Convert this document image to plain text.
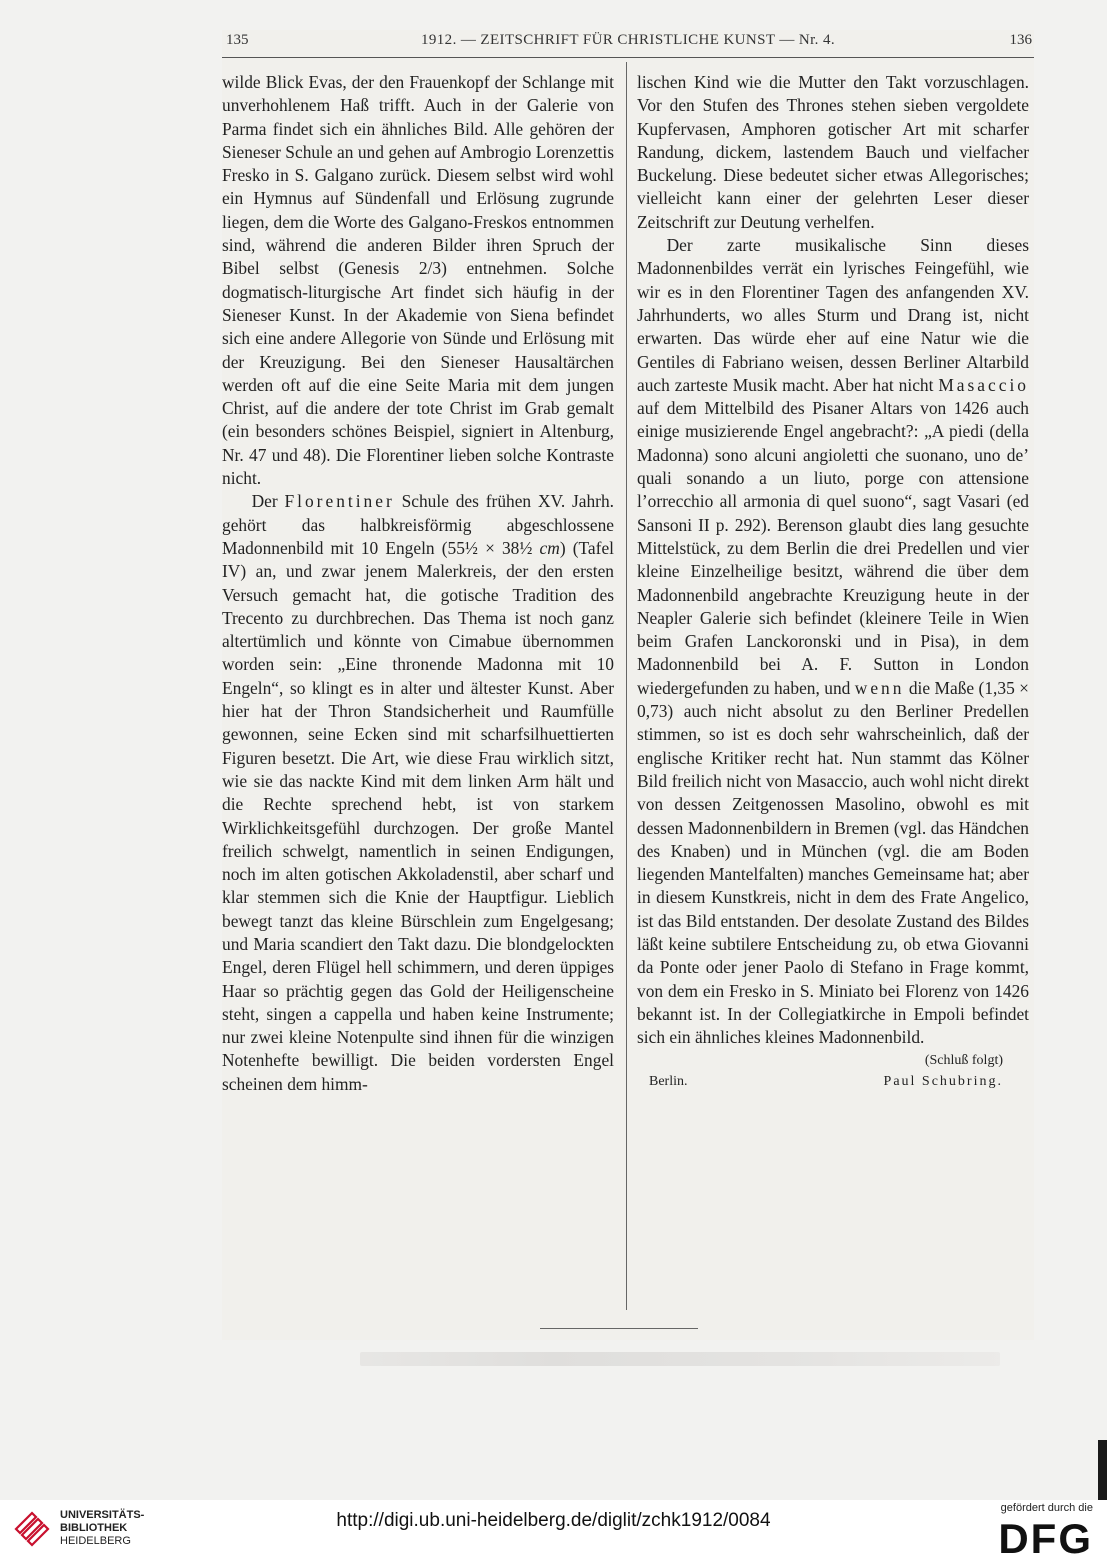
135	1912. — ZEITSCHRIFT FÜR CHRISTLICHE KUNST — Nr. 4.	136

wilde Blick Evas, der den Frauenkopf der Schlange mit unverhohlenem Haß trifft. Auch in der Galerie von Parma findet sich ein ähnliches Bild. Alle gehören der Sieneser Schule an und gehen auf Ambrogio Lorenzettis Fresko in S. Galgano zurück. Diesem selbst wird wohl ein Hymnus auf Sündenfall und Erlösung zugrunde liegen, dem die Worte des Galgano-Freskos entnommen sind, während die anderen Bilder ihren Spruch der Bibel selbst (Genesis 2/3) entnehmen. Solche dogmatisch-liturgische Art findet sich häufig in der Sieneser Kunst. In der Akademie von Siena befindet sich eine andere Allegorie von Sünde und Erlösung mit der Kreuzigung. Bei den Sieneser Hausaltärchen werden oft auf die eine Seite Maria mit dem jungen Christ, auf die andere der tote Christ im Grab gemalt (ein besonders schönes Beispiel, signiert in Altenburg, Nr. 47 und 48). Die Florentiner lieben solche Kontraste nicht.

Der Florentiner Schule des frühen XV. Jahrh. gehört das halbkreisförmig abgeschlossene Madonnenbild mit 10 Engeln (55½ × 38½ cm) (Tafel IV) an, und zwar jenem Malerkreis, der den ersten Versuch gemacht hat, die gotische Tradition des Trecento zu durchbrechen. Das Thema ist noch ganz altertümlich und könnte von Cimabue übernommen worden sein: „Eine thronende Madonna mit 10 Engeln“, so klingt es in alter und ältester Kunst. Aber hier hat der Thron Standsicherheit und Raumfülle gewonnen, seine Ecken sind mit scharfsilhuettierten Figuren besetzt. Die Art, wie diese Frau wirklich sitzt, wie sie das nackte Kind mit dem linken Arm hält und die Rechte sprechend hebt, ist von starkem Wirklichkeitsgefühl durchzogen. Der große Mantel freilich schwelgt, namentlich in seinen Endigungen, noch im alten gotischen Akkoladenstil, aber scharf und klar stemmen sich die Knie der Hauptfigur. Lieblich bewegt tanzt das kleine Bürschlein zum Engelgesang; und Maria scandiert den Takt dazu. Die blondgelockten Engel, deren Flügel hell schimmern, und deren üppiges Haar so prächtig gegen das Gold der Heiligenscheine steht, singen a cappella und haben keine Instrumente; nur zwei kleine Notenpulte sind ihnen für die winzigen Notenhefte bewilligt. Die beiden vordersten Engel scheinen dem himm-

lischen Kind wie die Mutter den Takt vorzuschlagen. Vor den Stufen des Thrones stehen sieben vergoldete Kupfervasen, Amphoren gotischer Art mit scharfer Randung, dickem, lastendem Bauch und vielfacher Buckelung. Diese bedeutet sicher etwas Allegorisches; vielleicht kann einer der gelehrten Leser dieser Zeitschrift zur Deutung verhelfen.

Der zarte musikalische Sinn dieses Madonnenbildes verrät ein lyrisches Feingefühl, wie wir es in den Florentiner Tagen des anfangenden XV. Jahrhunderts, wo alles Sturm und Drang ist, nicht erwarten. Das würde eher auf eine Natur wie die Gentiles di Fabriano weisen, dessen Berliner Altarbild auch zarteste Musik macht. Aber hat nicht Masaccio auf dem Mittelbild des Pisaner Altars von 1426 auch einige musizierende Engel angebracht?: „A piedi (della Madonna) sono alcuni angioletti che suonano, uno de’ quali sonando a un liuto, porge con attensione l’orrecchio all armonia di quel suono“, sagt Vasari (ed Sansoni II p. 292). Berenson glaubt dies lang gesuchte Mittelstück, zu dem Berlin die drei Predellen und vier kleine Einzelheilige besitzt, während die über dem Madonnenbild angebrachte Kreuzigung heute in der Neapler Galerie sich befindet (kleinere Teile in Wien beim Grafen Lanckoronski und in Pisa), in dem Madonnenbild bei A. F. Sutton in London wiedergefunden zu haben, und wenn die Maße (1,35 × 0,73) auch nicht absolut zu den Berliner Predellen stimmen, so ist es doch sehr wahrscheinlich, daß der englische Kritiker recht hat. Nun stammt das Kölner Bild freilich nicht von Masaccio, auch wohl nicht direkt von dessen Zeitgenossen Masolino, obwohl es mit dessen Madonnenbildern in Bremen (vgl. das Händchen des Knaben) und in München (vgl. die am Boden liegenden Mantelfalten) manches Gemeinsame hat; aber in diesem Kunstkreis, nicht in dem des Frate Angelico, ist das Bild entstanden. Der desolate Zustand des Bildes läßt keine subtilere Entscheidung zu, ob etwa Giovanni da Ponte oder jener Paolo di Stefano in Frage kommt, von dem ein Fresko in S. Miniato bei Florenz von 1426 bekannt ist. In der Collegiatkirche in Empoli befindet sich ein ähnliches kleines Madonnenbild.

(Schluß folgt)
Berlin.	Paul Schubring.
UNIVERSITÄTS-
BIBLIOTHEK
HEIDELBERG
http://digi.ub.uni-heidelberg.de/diglit/zchk1912/0084
gefördert durch die
DFG
